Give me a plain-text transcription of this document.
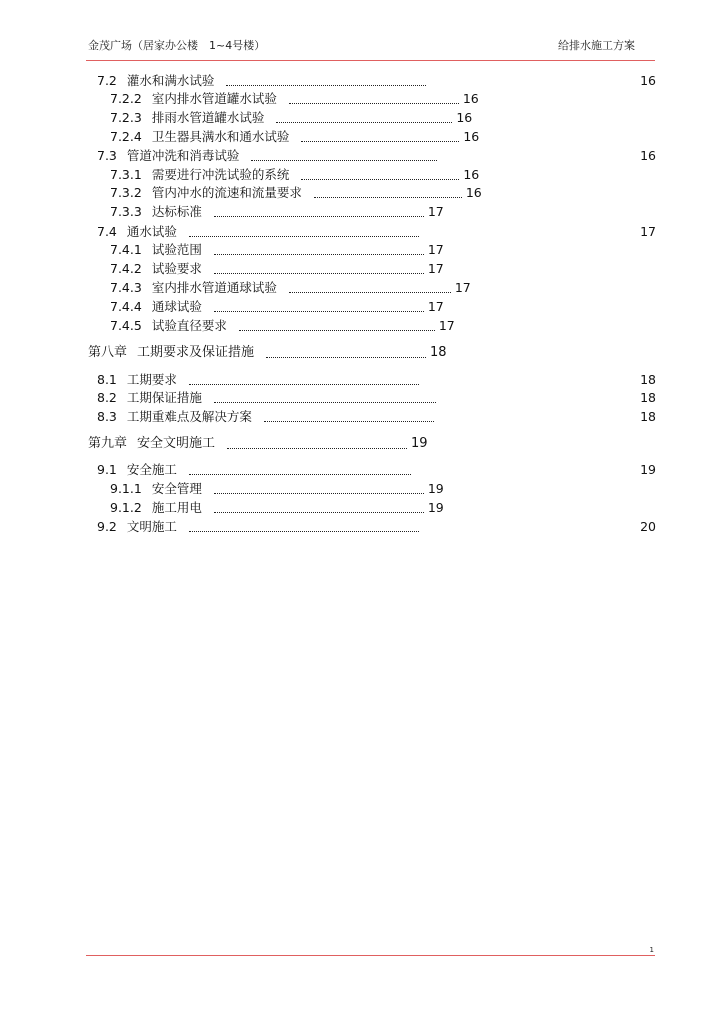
金茂广场（居家办公楼　1~4号楼）	给排水施工方案
7.2 灌水和满水试验	16
7.2.2 室内排水管道罐水试验	16
7.2.3 排雨水管道罐水试验	16
7.2.4 卫生器具满水和通水试验	16
7.3 管道冲洗和消毒试验	16
7.3.1 需要进行冲洗试验的系统	16
7.3.2 管内冲水的流速和流量要求	16
7.3.3 达标标准	17
7.4 通水试验	17
7.4.1 试验范围	17
7.4.2 试验要求	17
7.4.3 室内排水管道通球试验	17
7.4.4 通球试验	17
7.4.5 试验直径要求	17
第八章 工期要求及保证措施	18
8.1 工期要求	18
8.2 工期保证措施	18
8.3 工期重难点及解决方案	18
第九章 安全文明施工	19
9.1 安全施工	19
9.1.1 安全管理	19
9.1.2 施工用电	19
9.2 文明施工	20
1
